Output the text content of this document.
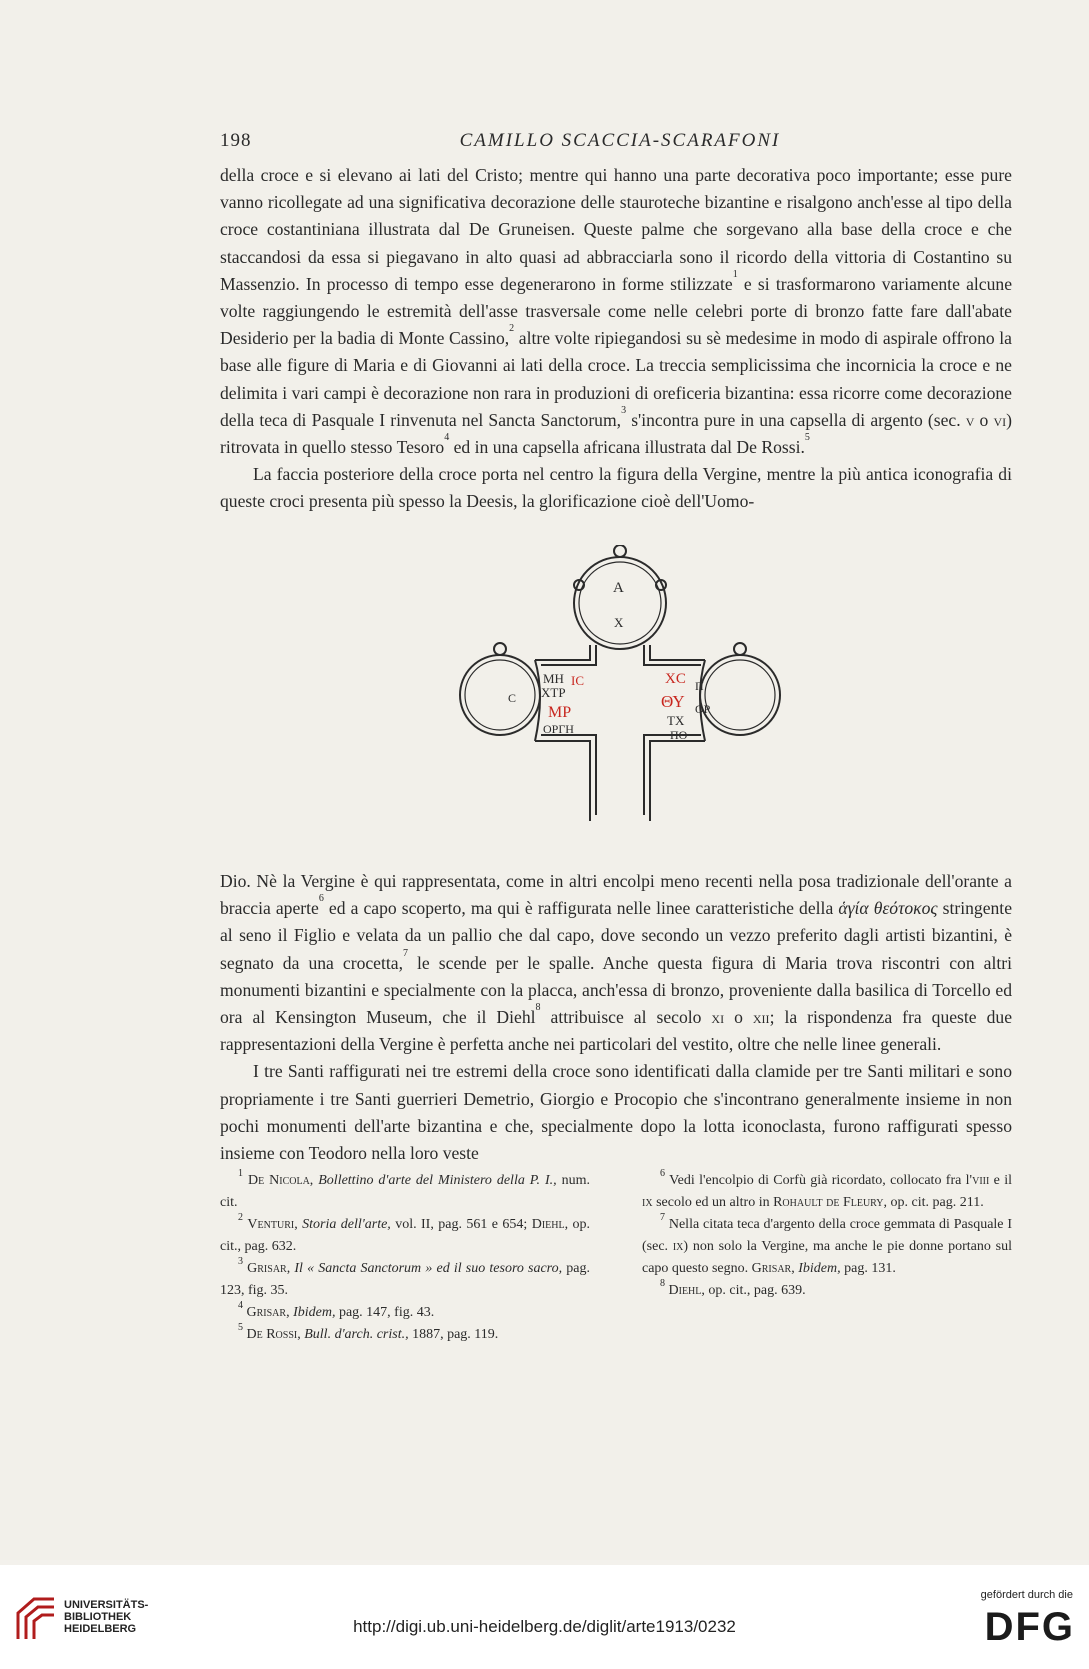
198	CAMILLO SCACCIA-SCARAFONI

della croce e si elevano ai lati del Cristo; mentre qui hanno una parte decorativa poco importante; esse pure vanno ricollegate ad una significativa decorazione delle stauroteche bizantine e risalgono anch'esse al tipo della croce costantiniana illustrata dal De Gruneisen. Queste palme che sorgevano alla base della croce e che staccandosi da essa si piegavano in alto quasi ad abbracciarla sono il ricordo della vittoria di Costantino su Massenzio. In processo di tempo esse degenerarono in forme stilizzate$^1$ e si trasformarono variamente alcune volte raggiungendo le estremità dell'asse trasversale come nelle celebri porte di bronzo fatte fare dall'abate Desiderio per la badia di Monte Cassino,$^2$ altre volte ripiegandosi su sè medesime in modo di aspirale offrono la base alle figure di Maria e di Giovanni ai lati della croce. La treccia semplicissima che incornicia la croce e ne delimita i vari campi è decorazione non rara in produzioni di oreficeria bizantina: essa ricorre come decorazione della teca di Pasquale I rinvenuta nel Sancta Sanctorum,$^3$ s'incontra pure in una capsella di argento (sec. v o vi) ritrovata in quello stesso Tesoro$^4$ ed in una capsella africana illustrata dal De Rossi.$^5$

La faccia posteriore della croce porta nel centro la figura della Vergine, mentre la più antica iconografia di queste croci presenta più spesso la Deesis, la glorificazione cioè dell'Uomo-

A
X
C
ΜΗ
ΧΤΡ
IC
ΜΡ
ΟΡΓΗ
XC
ΘΥ
Π
ΟΡ
ΤΧ
ΠΟ

Dio. Nè la Vergine è qui rappresentata, come in altri encolpi meno recenti nella posa tradizionale dell'orante a braccia aperte$^6$ ed a capo scoperto, ma qui è raffigurata nelle linee caratteristiche della ἁγία θεότοκος stringente al seno il Figlio e velata da un pallio che dal capo, dove secondo un vezzo preferito dagli artisti bizantini, è segnato da una crocetta,$^7$ le scende per le spalle. Anche questa figura di Maria trova riscontri con altri monumenti bizantini e specialmente con la placca, anch'essa di bronzo, proveniente dalla basilica di Torcello ed ora al Kensington Museum, che il Diehl$^8$ attribuisce al secolo xi o xii; la rispondenza fra queste due rappresentazioni della Vergine è perfetta anche nei particolari del vestito, oltre che nelle linee generali.

I tre Santi raffigurati nei tre estremi della croce sono identificati dalla clamide per tre Santi militari e sono propriamente i tre Santi guerrieri Demetrio, Giorgio e Procopio che s'incontrano generalmente insieme in non pochi monumenti dell'arte bizantina e che, specialmente dopo la lotta iconoclasta, furono raffigurati spesso insieme con Teodoro nella loro veste

$^1$ De Nicola, Bollettino d'arte del Ministero della P. I., num. cit.

$^2$ Venturi, Storia dell'arte, vol. II, pag. 561 e 654; Diehl, op. cit., pag. 632.

$^3$ Grisar, Il « Sancta Sanctorum » ed il suo tesoro sacro, pag. 123, fig. 35.

$^4$ Grisar, Ibidem, pag. 147, fig. 43.

$^5$ De Rossi, Bull. d'arch. crist., 1887, pag. 119.

$^6$ Vedi l'encolpio di Corfù già ricordato, collocato fra l'viii e il ix secolo ed un altro in Rohault de Fleury, op. cit. pag. 211.

$^7$ Nella citata teca d'argento della croce gemmata di Pasquale I (sec. ix) non solo la Vergine, ma anche le pie donne portano sul capo questo segno. Grisar, Ibidem, pag. 131.

$^8$ Diehl, op. cit., pag. 639.

UNIVERSITÄTS-
BIBLIOTHEK
HEIDELBERG	http://digi.ub.uni-heidelberg.de/diglit/arte1913/0232
gefördert durch die
DFG
